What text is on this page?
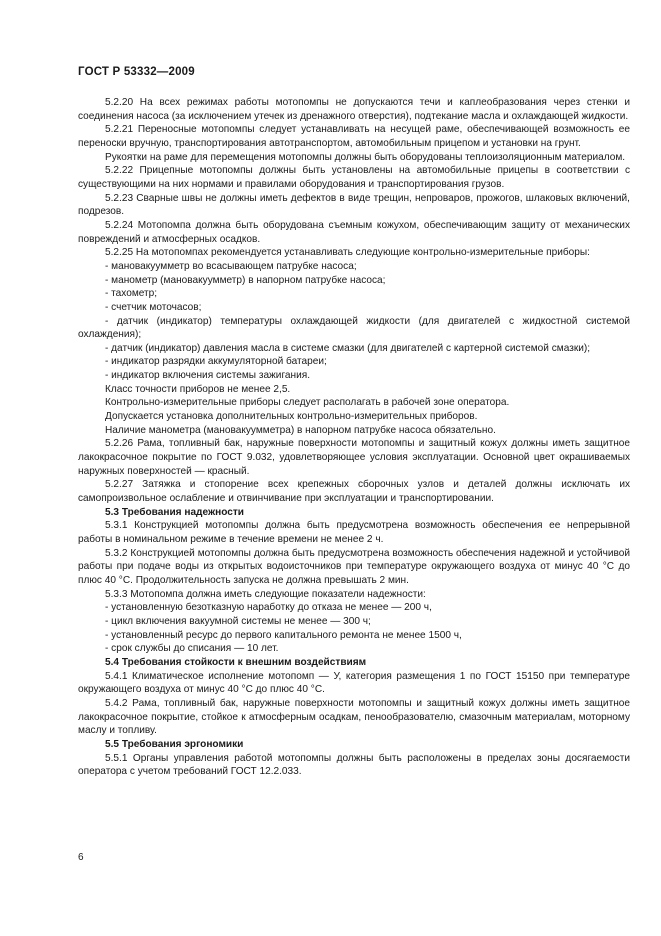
ГОСТ Р 53332—2009

5.2.20 На всех режимах работы мотопомпы не допускаются течи и каплеобразования через стенки и соединения насоса (за исключением утечек из дренажного отверстия), подтекание масла и охлаждающей жидкости.

5.2.21 Переносные мотопомпы следует устанавливать на несущей раме, обеспечивающей возможность ее переноски вручную, транспортирования автотранспортом, автомобильным прицепом и установки на грунт.

Рукоятки на раме для перемещения мотопомпы должны быть оборудованы теплоизоляционным материалом.

5.2.22 Прицепные мотопомпы должны быть установлены на автомобильные прицепы в соответствии с существующими на них нормами и правилами оборудования и транспортирования грузов.

5.2.23 Сварные швы не должны иметь дефектов в виде трещин, непроваров, прожогов, шлаковых включений, подрезов.

5.2.24 Мотопомпа должна быть оборудована съемным кожухом, обеспечивающим защиту от механических повреждений и атмосферных осадков.

5.2.25 На мотопомпах рекомендуется устанавливать следующие контрольно-измерительные приборы:

- мановакуумметр во всасывающем патрубке насоса;

- манометр (мановакуумметр) в напорном патрубке насоса;

- тахометр;

- счетчик моточасов;

- датчик (индикатор) температуры охлаждающей жидкости (для двигателей с жидкостной системой охлаждения);

- датчик (индикатор) давления масла в системе смазки (для двигателей с картерной системой смазки);

- индикатор разрядки аккумуляторной батареи;

- индикатор включения системы зажигания.

Класс точности приборов не менее 2,5.

Контрольно-измерительные приборы следует располагать в рабочей зоне оператора.

Допускается установка дополнительных контрольно-измерительных приборов.

Наличие манометра (мановакуумметра) в напорном патрубке насоса обязательно.

5.2.26 Рама, топливный бак, наружные поверхности мотопомпы и защитный кожух должны иметь защитное лакокрасочное покрытие по ГОСТ 9.032, удовлетворяющее условия эксплуатации. Основной цвет окрашиваемых наружных поверхностей — красный.

5.2.27 Затяжка и стопорение всех крепежных сборочных узлов и деталей должны исключать их самопроизвольное ослабление и отвинчивание при эксплуатации и транспортировании.

5.3 Требования надежности

5.3.1 Конструкцией мотопомпы должна быть предусмотрена возможность обеспечения ее непрерывной работы в номинальном режиме в течение времени не менее 2 ч.

5.3.2 Конструкцией мотопомпы должна быть предусмотрена возможность обеспечения надежной и устойчивой работы при подаче воды из открытых водоисточников при температуре окружающего воздуха от минус 40 °С до плюс 40 °С. Продолжительность запуска не должна превышать 2 мин.

5.3.3 Мотопомпа должна иметь следующие показатели надежности:

- установленную безотказную наработку до отказа не менее — 200 ч,

- цикл включения вакуумной системы не менее — 300 ч;

- установленный ресурс до первого капитального ремонта не менее 1500 ч,

- срок службы до списания — 10 лет.

5.4 Требования стойкости к внешним воздействиям

5.4.1 Климатическое исполнение мотопомп — У, категория размещения 1 по ГОСТ 15150 при температуре окружающего воздуха от минус 40 °С до плюс 40 °С.

5.4.2 Рама, топливный бак, наружные поверхности мотопомпы и защитный кожух должны иметь защитное лакокрасочное покрытие, стойкое к атмосферным осадкам, пенообразователю, смазочным материалам, моторному маслу и топливу.

5.5 Требования эргономики

5.5.1 Органы управления работой мотопомпы должны быть расположены в пределах зоны досягаемости оператора с учетом требований ГОСТ 12.2.033.

6
